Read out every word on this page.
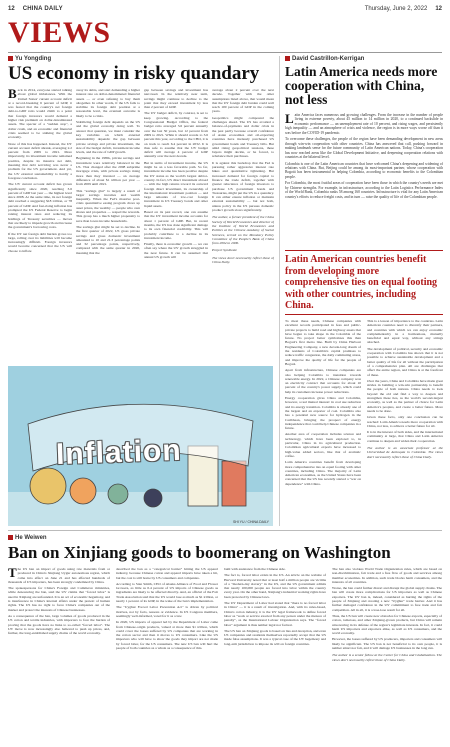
12 CHINA DAILY	Thursday, June 2, 2022 12
VIEWS
Yu Yongding
US economy in risky quandary
B ack in 2014, everyone started talking about global imbalances. With the United States' current account deficit at a record-breaking 6 percent of GDP, it was feared that the country's net foreign debt-to-GDP ratio would climb to a point that foreign investors would demand a higher risk premium on dollar-denominated assets. The specter of a "sudden stop", a dollar crash, and an economic and financial crisis seemed to be stalking the global economy.

None of this has happened. Instead, the US' current account deficit shrank, averaging 2.2 percent from 2009 to 2021. More importantly, its investment income remained positive, despite its massive net debt, meaning that debt servicing was never a problem for the US government. And yet, the US' external sustainability is hardly a foregone conclusion.

The US' current account deficit has grown significantly since 2020, reaching 3.6 percent of GDP last year — the highest level since 2008. At the same time, its net foreign debt reached a staggering $18 trillion, or 78 percent of GDP. And fast-rising inflation has prompted the US Federal Reserve to begin raising interest rates and reducing its holdings of Treasury securities — moves that are likely to impede growth and increase the government's borrowing costs.

If the US' net foreign debt burden grows too large, rolling over its liabilities will become increasingly difficult. Foreign investors would become concerned that the US will choose to inflate

away its debts, and start demanding a higher interest rate on dollar-denominated financial assets — or even refusing to buy them altogether. In other words, if the US fails to stabilize its foreign debt position at a reasonable level, the eventual outcome is likely to be a crisis.

Stabilizing foreign debt depends on the US and the global economy doing well. To answer that question, we must consider the key variables on which external sustainability depends: the gap between private savings and private investment, the size of the budget deficit, investment income levels, and the rate of GDP growth.

Beginning in the 1980s, private savings and investment were relatively balanced in the US. That changed after the 2008 subprime mortgage crisis, with private savings rising more than they invested — an average difference of about $1 trillion per year — from 2009 until 2021.

This "savings glut" is largely a result of larger savings incomes and wealth inequality. When the Fed's massive post-crisis quantitative easing program drove up asset prices, the wealthy — people who own shares and properties — reaped the rewards. This group has a much higher propensity to save than lower-income households.

The savings glut might be set to decline. In the first quarter of 2022, US gross private savings and gross domestic investment amounted to 10 and 21.3 percentage points and 32 percentage points, respectively, compared with the same quarter in 2020, meaning that the

gap between savings and investment has narrowed. In the relatively near term, savings might continue to decline to the point that they exceed investment by less than 2 percent of GDP.

The US' budget deficit, by contrast, is set to keep growing. According to the Congressional Budget Office, the federal budget ratio averaged 3.6 percent annually over the last 50 years, but 12 percent from 2009 to 2021. While it should recede to 3.6 percent this year, according to the CBO, it is on track to reach 6.4 percent in 2032. It is thus safe to assume that the US' budget deficit will average 4 percent of GDP annually over the next decade.

But in terms of investment income, the US might be on a less favorable path. So far, investment income has been positive despite the US' status as the world's largest debtor-country. In fact, US direct investment abroad — with the high returns toward its outward foreign direct investment, its ownership of the international investment position — and large amounts of low-cost foreign investment in US Treasury bonds and other liquid assets.

Based on its past record, one can assume that the US' investment income accounts for about 1 percent of GDP. But, in recent months, the US has done significant damage to its own financial credibility. This will probably contribute to a decline in its investment income.

Finally, there is economic growth — we can often say where the US' growth struggled in the near future. It can be assumed that annual US growth will

average about 2 percent over the next decade. Together with the other assumptions listed above, that would mean that the US' foreign debt burden could well reach 100 percent of GDP in the coming years.

Geopolitics might compound the challenges ahead. The US has avoided a balance-of-payments and dollar crisis in the past partly because overall confidence of Asian economies and oil-exporting countries have tirelessly purchased US government bonds and Treasury bills. But amid rising geopolitical tensions, these buyers might decide, or be forced, to rebalance their purchases.

It is against this backdrop that the Fed is pursuing rather aggressive interest rate hikes and quantitative tightening. But increased demand for foreign capital to finance the trade deficit, together with greater reluctance of foreign investors to purchase US government bonds and Treasuries, might put the US in a quandary. It can either ensure inflation or maintain external sustainability — but not both, unless policy in the US pursues domestic product growth slows significantly.

The author, a former president of the China Society of World Economics and director of the Institute of World Economics and Politics at the Chinese Academy of Social Sciences, served on the Monetary Policy Committee of the People's Bank of China from 2004 to 2006.

Project Syndicate

The views don't necessarily reflect those of China Daily.

Inflation
SHI YU / CHINA DAILY
David Castrillon-Kerrigan
Latin America needs more cooperation with China, not less
L atin America faces numerous and growing challenges. From the increase in the number of people living in extreme poverty, about 45 million to 14 million in 2020, to a continued backslide in economic performance — an unemployment rate of 10 percent, and rising wages, and persistently high inequality — and an atmosphere of crisis and violence, the region is in more ways worse off than it was before the COVID-19 pandemic.

To overcome these challenges, the people of the region have been demanding development in new areas through win-win cooperation with other countries. China has answered that call, pushing forward in making landmark sense for the future community of Latin American nations. Today, China's cooperation has now reached areas like the Global Development Initiative, and deepening cooperation relations with countries at the bilateral level.

Colombia is one of the Latin American countries that have welcomed China's deepening and widening of relations with China. But, Beijing could be among its most-important partner, whose cooperation with Bogotá has been instrumental in helping Colombia, according to economic benefits to the Colombian people.

For Colombia, the most fruitful areas of cooperation have been those in which the country's needs are met by Chinese strengths. For example, in infrastructure, according to the Latin Logistics Performance Index of the World Bank, Colombia ranks 58 among 160 countries. Infrastructure is vital for any Latin American country's efforts to reduce freight costs, and in turn — raise the quality of life of the Colombian people.

Latin American countries benefit from developing more comprehensive ties on equal footing with other countries, including China.

To meet these needs, Chinese companies with excellent records participated in fees and public-private projects to build road and highway assets that have begun to take shape in the Colombia of the future. No project better symbolizes this than Bogotá's first metro line. Built by China Harbour Engineering Company, a new decade-long dream of the residents of Colombia's capital promises to reduce traffic congestion, the daily commuting stress, and improve the quality of life for the people of Bogotá.

Apart from infrastructure, Chinese companies are also helping Colombia to transition towards renewable energy. In 2022, a Chinese company won an electricity contract that accounts for about 10 percent of the country's power supply, which could help its customers increase power reductions.

Energy cooperation gives China and Colombia, however, a real mutual interest: in coal use reduction and its energy transition. Colombia is already one of the largest and an exporter of coal. Colombia also has a potential new source for hydrogen in the Caribbean, bringing the prospect of energy independence that could help Chinese companies in a future.

Another area of cooperation includes science and technology, which have been explored to, in particular, China in its agricultural production. Colombian agricultural exports have increased to high-value added sectors, like that of aromatic coffee.

Latin America countries benefit from developing more comprehensive ties on equal footing with other countries, including China. The majority of Latin American economies, as the United States have been concerned that the US has recently started a "war on dependence" with China.

This is a lesson of importance to the countries. Latin American countries need to diversify their partners, and countries with which we can enjoy economic complementarity in a harmonious, mutually beneficial and equal way, without any strings attached.

The development of political, security and economic cooperation with Colombia has shown that it is not possible to achieve sustainable development and a better quality of life for all without the participation of a comprehensive plan. All are challenges that affect the entire region, and China is at the forefront of these.

Over the years, China and Colombia have made great strides in building a win-win partnership to benefit the people of both nations. China needs to look beyond the old and find a way to deepen and strengthen these ties, as the world's second-largest economy, as well as the partner of choice for Latin America's peoples, and create a better future. More needs to be done.

Given these facts, only one conclusion can be reached: Latin America needs more cooperation with China, not less, to achieve a better future for all.

It is in the interest of both sides, and the international community at large, that China and Latin America continue to deepen and widen their cooperation.

The author is an associate professor at the Universidad de Antioquia in Colombia. The views don't necessarily reflect those of China Daily.

He Weiwen
Ban on Xinjiang goods to boomerang on Washington
T he US ban on import of goods using raw materials from or produced in China's Xinjiang Uygur autonomous region, which came into effect on June 21 and has affected hundreds of thousands of US importers, has been strongly condemned by China.

The spokespersons for China's Foreign and Commerce ministries, while denouncing the ban, said the US' claims that "forced labor" is used in Xinjiang are unfounded. It is an act of economic hegemony, and is interference in China's internal affairs under the pretext of human rights. The US has no right to force China's companies out of the market and protect the interests of Chinese businesses.

As a consequence of the ban, large volumes of goods produced in the US cotton and textile industries, with importers to face the burden of proving that the goods have no links to so-called "forced labor". The US' move is now increasingly also believed to push up prices, and, further, the long-established supply chains of the world economy.

described the ban as a "categorical barrier" hitting the US apparel industry, because Chinese cotton and apparel imports have taken a hit, but the cost is still borne by US consumers and companies.

According to Stan Smith, CEO of Alaska Alliance of Food and Flower Growers, as little as 0.4 percent of US imports of Chinese goods as ingredients are likely to be affected directly. And, an official of the Fair Trade Association said that the US would lose as much as $1 trillion, or nearly 1 percent of its GDP, in the wake of the ban's implementation.

The "Uyghur Forced Labor Prevention Act" is driven by political motives, not by facts, reasons or evidence. In US Congress members, seemingly well-informed, voted for it as a law.

In 2020, US imports of apparel led by the Department of Labor came from Chinese-origin products, valued at more than $1 trillion, which could cover the losses suffered by US companies that are working in the cotton sector and then it moves to US consumers. Like the US importers who will have to show the goods they import are not made by forced labor, for the US consumers. The new US ban will hurt the people of both countries as a whole as a consequence of this.

built with assistance from the Chinese side.

The fact is, forced labor exists in the US. An article on the website of Harvard University noted that at least half a million people are victims of a "modern-day slavery" in the US, and the US government admits that nearly 100,000 people are forced into labor within the country every year. On the other hand, Xinjiang's industrial working rights have been protected by Chinese laws.

The US' Department of Labor had stated that "there is no forced labor in China" — it is a result of investigation. And, with its rules-based, China's cotton industry, it is the US' legal framework to define forced labor as "work or service exacted from any person under the menace of penalty", as the International Labour Organization says. The "forced labor" argument is thus neither legal nor factual.

The US ban on Xinjiang goods is based on lies and deception, and even US companies and residents themselves reportedly accept that the US made false assumptions. It was a typical case of the US' hegemony and long-arm jurisdiction to impose its will on foreign countries.

The ban also violates World Trade Organization rules, which are based on non-discrimination, fair trade and a free flow of goods and services among member economies. In addition, such trade blocks harm consumers, and the interests of all countries.

Worse, the ban could further distort and disrupt the global supply chains. The ban will create more complications for US importers as well as Chinese exporters. The US' ban is, indeed, considered as hurting the rights of the people of Xinjiang and creating a new "Uyghur" trade barrier. And it has further damaged confidence in the US' commitment to free trade and fair competition. All in all, it is a lose-lose result for all.

Thus, the US ban will create new obstacles for Chinese exports, especially of cotton, tomatoes, and other Xinjiang-grown products, but China will remain unwavering in its defense of the region's legitimate interests. In fact, it could harm US importers and exporters alike, as well as US consumers, and the world economy.

However, the losses suffered by US producers, importers and consumers will likely be significant. The US ban is not beneficial to its own people, it is neither smart nor fair, and it will damage US businesses in the long run.

The author is a senior fellow at the Center for China and Globalization. The views don't necessarily reflect those of China Daily.
